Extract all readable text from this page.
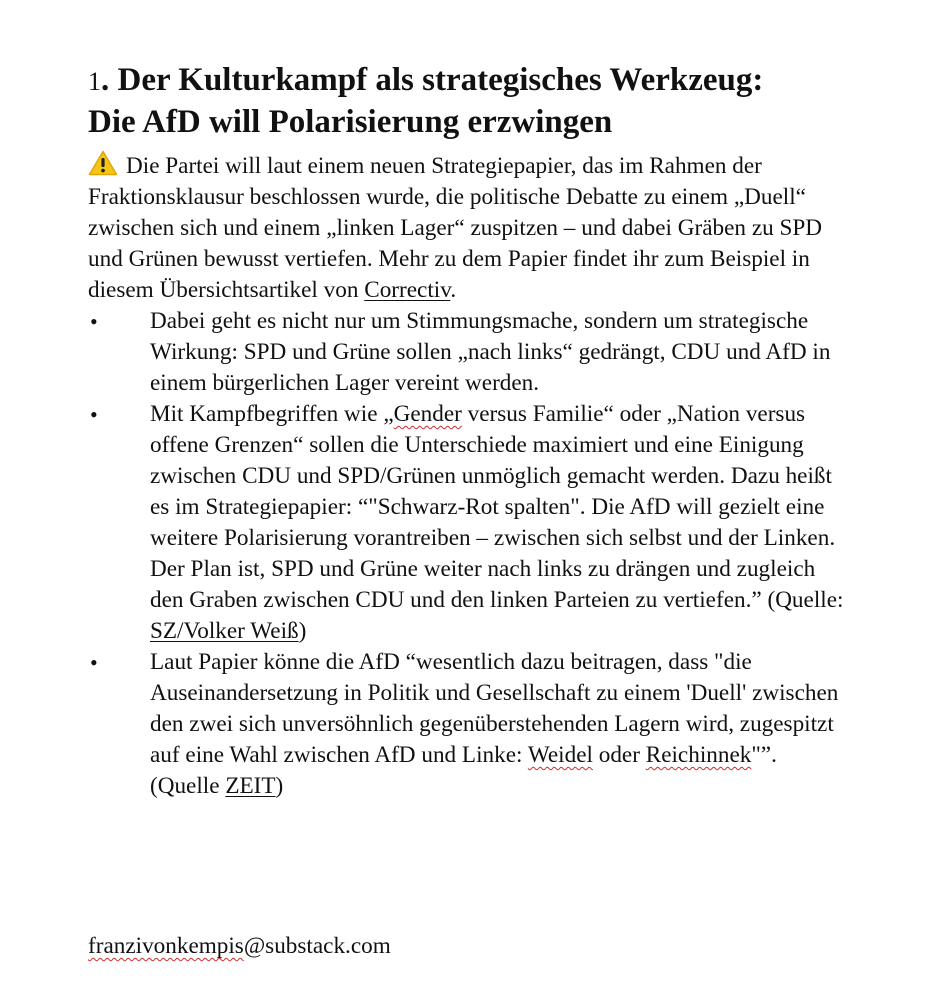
1. Der Kulturkampf als strategisches Werkzeug:
Die AfD will Polarisierung erzwingen

Die Partei will laut einem neuen Strategiepapier, das im Rahmen der Fraktionsklausur beschlossen wurde, die politische Debatte zu einem „Duell“ zwischen sich und einem „linken Lager“ zuspitzen – und dabei Gräben zu SPD und Grünen bewusst vertiefen. Mehr zu dem Papier findet ihr zum Beispiel in diesem Übersichtsartikel von Correctiv.

• Dabei geht es nicht nur um Stimmungsmache, sondern um strategische Wirkung: SPD und Grüne sollen „nach links“ gedrängt, CDU und AfD in einem bürgerlichen Lager vereint werden.
• Mit Kampfbegriffen wie „Gender versus Familie“ oder „Nation versus offene Grenzen“ sollen die Unterschiede maximiert und eine Einigung zwischen CDU und SPD/Grünen unmöglich gemacht werden. Dazu heißt es im Strategiepapier: “"Schwarz-Rot spalten". Die AfD will gezielt eine weitere Polarisierung vorantreiben – zwischen sich selbst und der Linken. Der Plan ist, SPD und Grüne weiter nach links zu drängen und zugleich den Graben zwischen CDU und den linken Parteien zu vertiefen.” (Quelle: SZ/Volker Weiß)
• Laut Papier könne die AfD “wesentlich dazu beitragen, dass "die Auseinandersetzung in Politik und Gesellschaft zu einem 'Duell' zwischen den zwei sich unversöhnlich gegenüberstehenden Lagern wird, zugespitzt auf eine Wahl zwischen AfD und Linke: Weidel oder Reichinnek"”. (Quelle ZEIT)
franzivonkempis@substack.com
